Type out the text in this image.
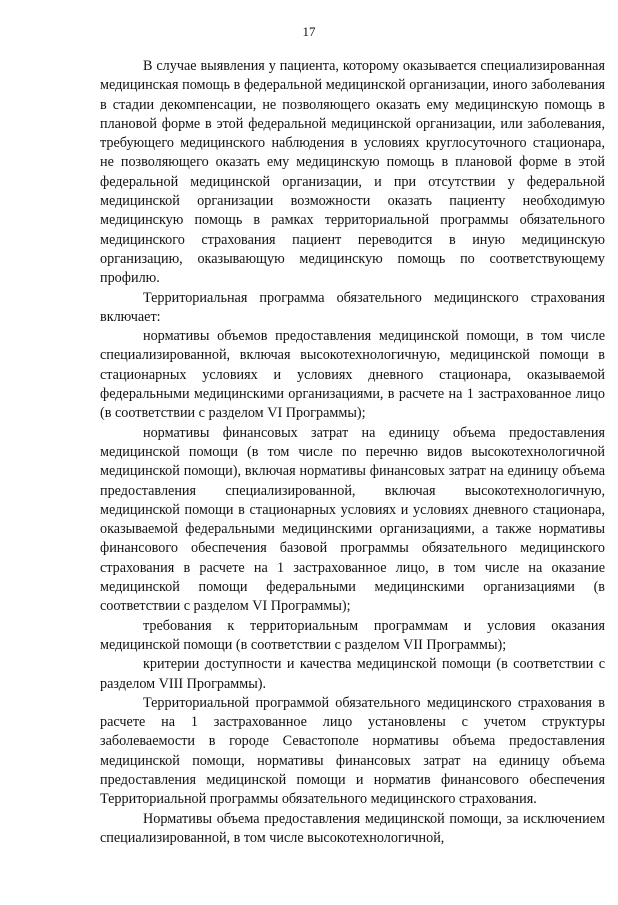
17

В случае выявления у пациента, которому оказывается специализированная медицинская помощь в федеральной медицинской организации, иного заболевания в стадии декомпенсации, не позволяющего оказать ему медицинскую помощь в плановой форме в этой федеральной медицинской организации, или заболевания, требующего медицинского наблюдения в условиях круглосуточного стационара, не позволяющего оказать ему медицинскую помощь в плановой форме в этой федеральной медицинской организации, и при отсутствии у федеральной медицинской организации возможности оказать пациенту необходимую медицинскую помощь в рамках территориальной программы обязательного медицинского страхования пациент переводится в иную медицинскую организацию, оказывающую медицинскую помощь по соответствующему профилю.

Территориальная программа обязательного медицинского страхования включает:

нормативы объемов предоставления медицинской помощи, в том числе специализированной, включая высокотехнологичную, медицинской помощи в стационарных условиях и условиях дневного стационара, оказываемой федеральными медицинскими организациями, в расчете на 1 застрахованное лицо (в соответствии с разделом VI Программы);

нормативы финансовых затрат на единицу объема предоставления медицинской помощи (в том числе по перечню видов высокотехнологичной медицинской помощи), включая нормативы финансовых затрат на единицу объема предоставления специализированной, включая высокотехнологичную, медицинской помощи в стационарных условиях и условиях дневного стационара, оказываемой федеральными медицинскими организациями, а также нормативы финансового обеспечения базовой программы обязательного медицинского страхования в расчете на 1 застрахованное лицо, в том числе на оказание медицинской помощи федеральными медицинскими организациями (в соответствии с разделом VI Программы);

требования к территориальным программам и условия оказания медицинской помощи (в соответствии с разделом VII Программы);

критерии доступности и качества медицинской помощи (в соответствии с разделом VIII Программы).

Территориальной программой обязательного медицинского страхования в расчете на 1 застрахованное лицо установлены с учетом структуры заболеваемости в городе Севастополе нормативы объема предоставления медицинской помощи, нормативы финансовых затрат на единицу объема предоставления медицинской помощи и норматив финансового обеспечения Территориальной программы обязательного медицинского страхования.

Нормативы объема предоставления медицинской помощи, за исключением специализированной, в том числе высокотехнологичной,
